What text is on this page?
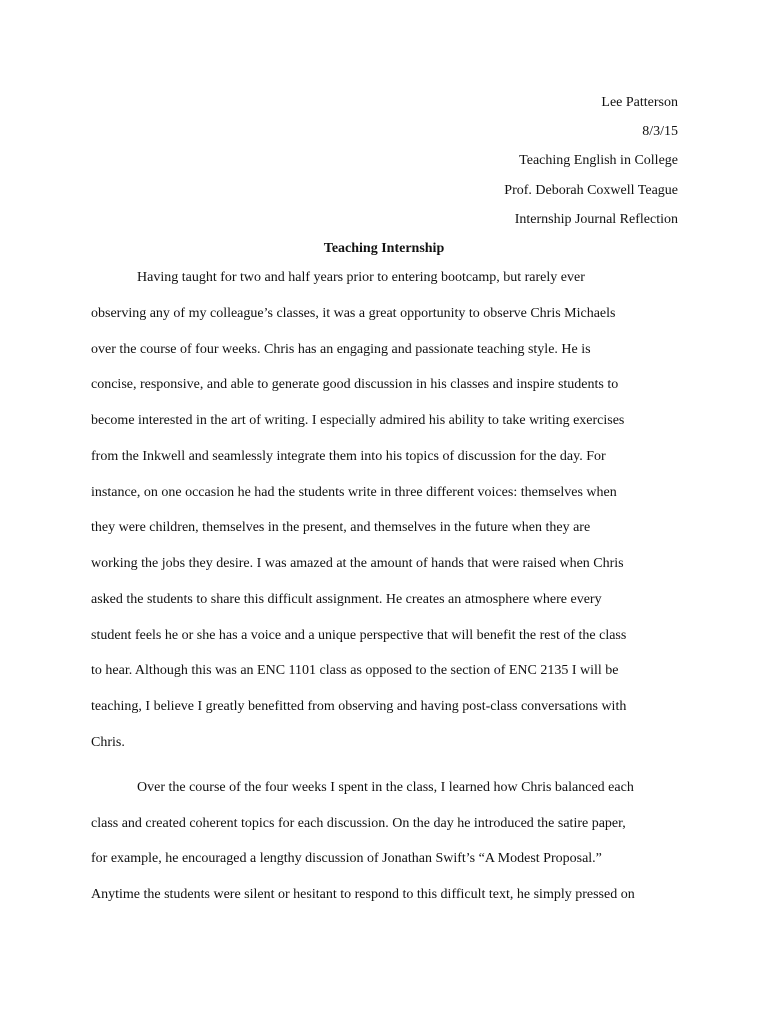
Lee Patterson
8/3/15
Teaching English in College
Prof. Deborah Coxwell Teague
Internship Journal Reflection
Teaching Internship
Having taught for two and half years prior to entering bootcamp, but rarely ever
observing any of my colleague’s classes, it was a great opportunity to observe Chris Michaels
over the course of four weeks. Chris has an engaging and passionate teaching style. He is
concise, responsive, and able to generate good discussion in his classes and inspire students to
become interested in the art of writing. I especially admired his ability to take writing exercises
from the Inkwell and seamlessly integrate them into his topics of discussion for the day. For
instance, on one occasion he had the students write in three different voices: themselves when
they were children, themselves in the present, and themselves in the future when they are
working the jobs they desire. I was amazed at the amount of hands that were raised when Chris
asked the students to share this difficult assignment. He creates an atmosphere where every
student feels he or she has a voice and a unique perspective that will benefit the rest of the class
to hear. Although this was an ENC 1101 class as opposed to the section of ENC 2135 I will be
teaching, I believe I greatly benefitted from observing and having post-class conversations with
Chris.
Over the course of the four weeks I spent in the class, I learned how Chris balanced each
class and created coherent topics for each discussion. On the day he introduced the satire paper,
for example, he encouraged a lengthy discussion of Jonathan Swift’s “A Modest Proposal.”
Anytime the students were silent or hesitant to respond to this difficult text, he simply pressed on
